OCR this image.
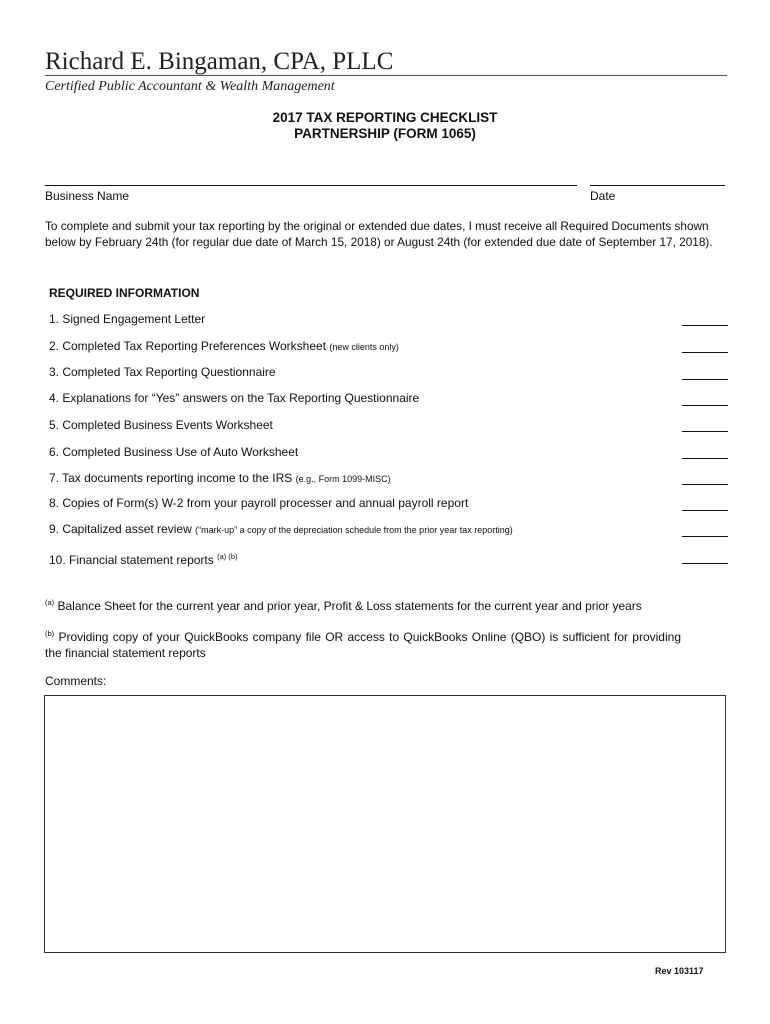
Richard E. Bingaman, CPA, PLLC
Certified Public Accountant & Wealth Management
2017 TAX REPORTING CHECKLIST
PARTNERSHIP (FORM 1065)
Business Name	Date
To complete and submit your tax reporting by the original or extended due dates, I must receive all Required Documents shown below by February 24th (for regular due date of March 15, 2018) or August 24th (for extended due date of September 17, 2018).
REQUIRED INFORMATION
1. Signed Engagement Letter
2. Completed Tax Reporting Preferences Worksheet (new clients only)
3. Completed Tax Reporting Questionnaire
4. Explanations for “Yes” answers on the Tax Reporting Questionnaire
5. Completed Business Events Worksheet
6. Completed Business Use of Auto Worksheet
7. Tax documents reporting income to the IRS (e.g., Form 1099-MISC)
8. Copies of Form(s) W-2 from your payroll processer and annual payroll report
9. Capitalized asset review (“mark-up” a copy of the depreciation schedule from the prior year tax reporting)
10. Financial statement reports $^{(a) (b)}$
$^{(a)}$ Balance Sheet for the current year and prior year, Profit & Loss statements for the current year and prior years
$^{(b)}$ Providing copy of your QuickBooks company file OR access to QuickBooks Online (QBO) is sufficient for providing the financial statement reports
Comments:
Rev 103117
